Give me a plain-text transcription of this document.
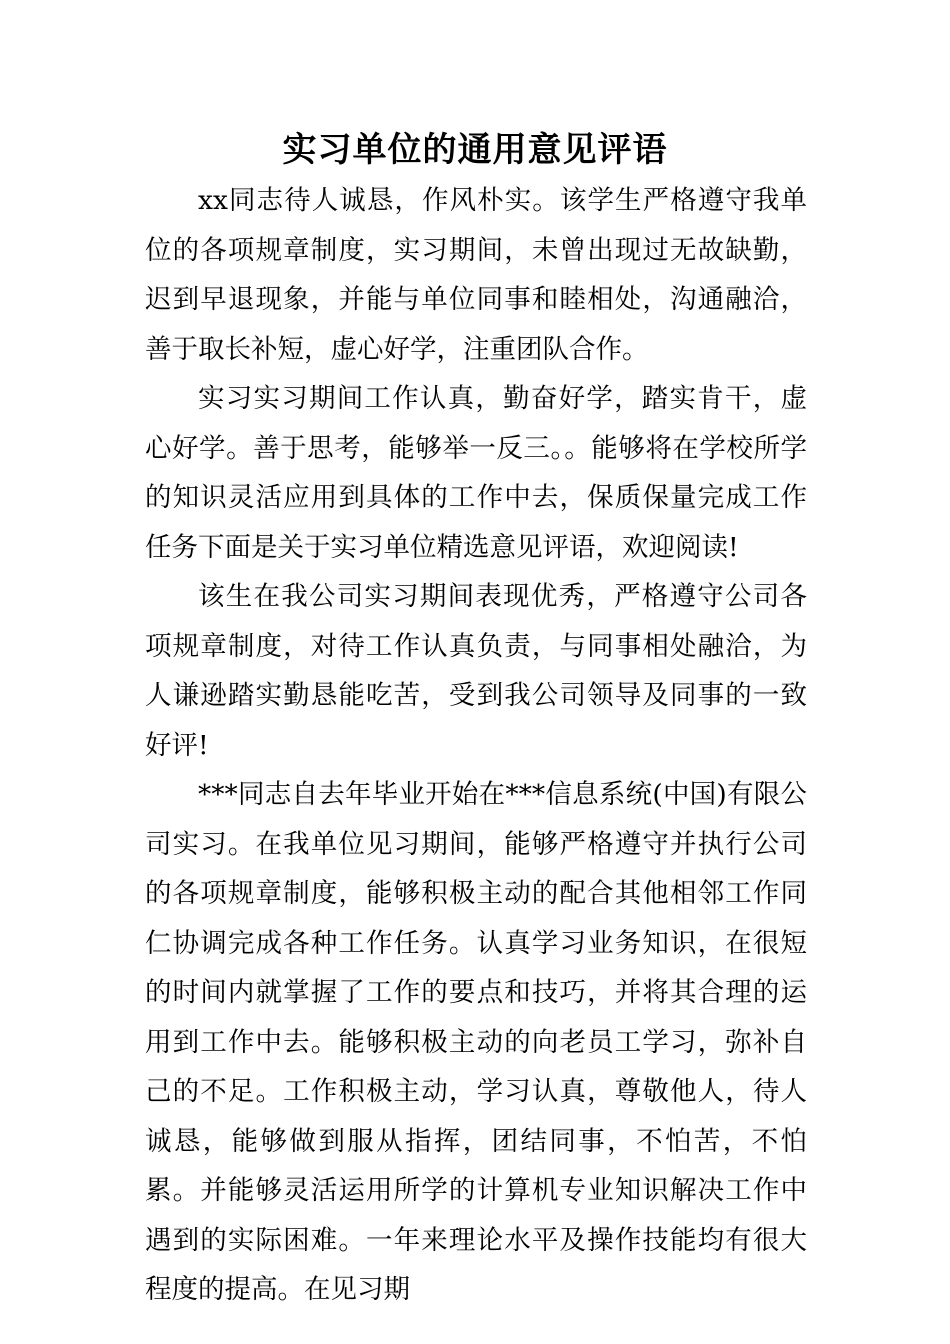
实习单位的通用意见评语

xx同志待人诚恳，作风朴实。该学生严格遵守我单位的各项规章制度，实习期间，未曾出现过无故缺勤，迟到早退现象，并能与单位同事和睦相处，沟通融洽，善于取长补短，虚心好学，注重团队合作。

实习实习期间工作认真，勤奋好学，踏实肯干，虚心好学。善于思考，能够举一反三。。能够将在学校所学的知识灵活应用到具体的工作中去，保质保量完成工作任务下面是关于实习单位精选意见评语，欢迎阅读!

该生在我公司实习期间表现优秀，严格遵守公司各项规章制度，对待工作认真负责，与同事相处融洽，为人谦逊踏实勤恳能吃苦，受到我公司领导及同事的一致好评!

***同志自去年毕业开始在***信息系统(中国)有限公司实习。在我单位见习期间，能够严格遵守并执行公司的各项规章制度，能够积极主动的配合其他相邻工作同仁协调完成各种工作任务。认真学习业务知识，在很短的时间内就掌握了工作的要点和技巧，并将其合理的运用到工作中去。能够积极主动的向老员工学习，弥补自己的不足。工作积极主动，学习认真，尊敬他人，待人诚恳，能够做到服从指挥，团结同事，不怕苦，不怕累。并能够灵活运用所学的计算机专业知识解决工作中遇到的实际困难。一年来理论水平及操作技能均有很大程度的提高。在见习期
